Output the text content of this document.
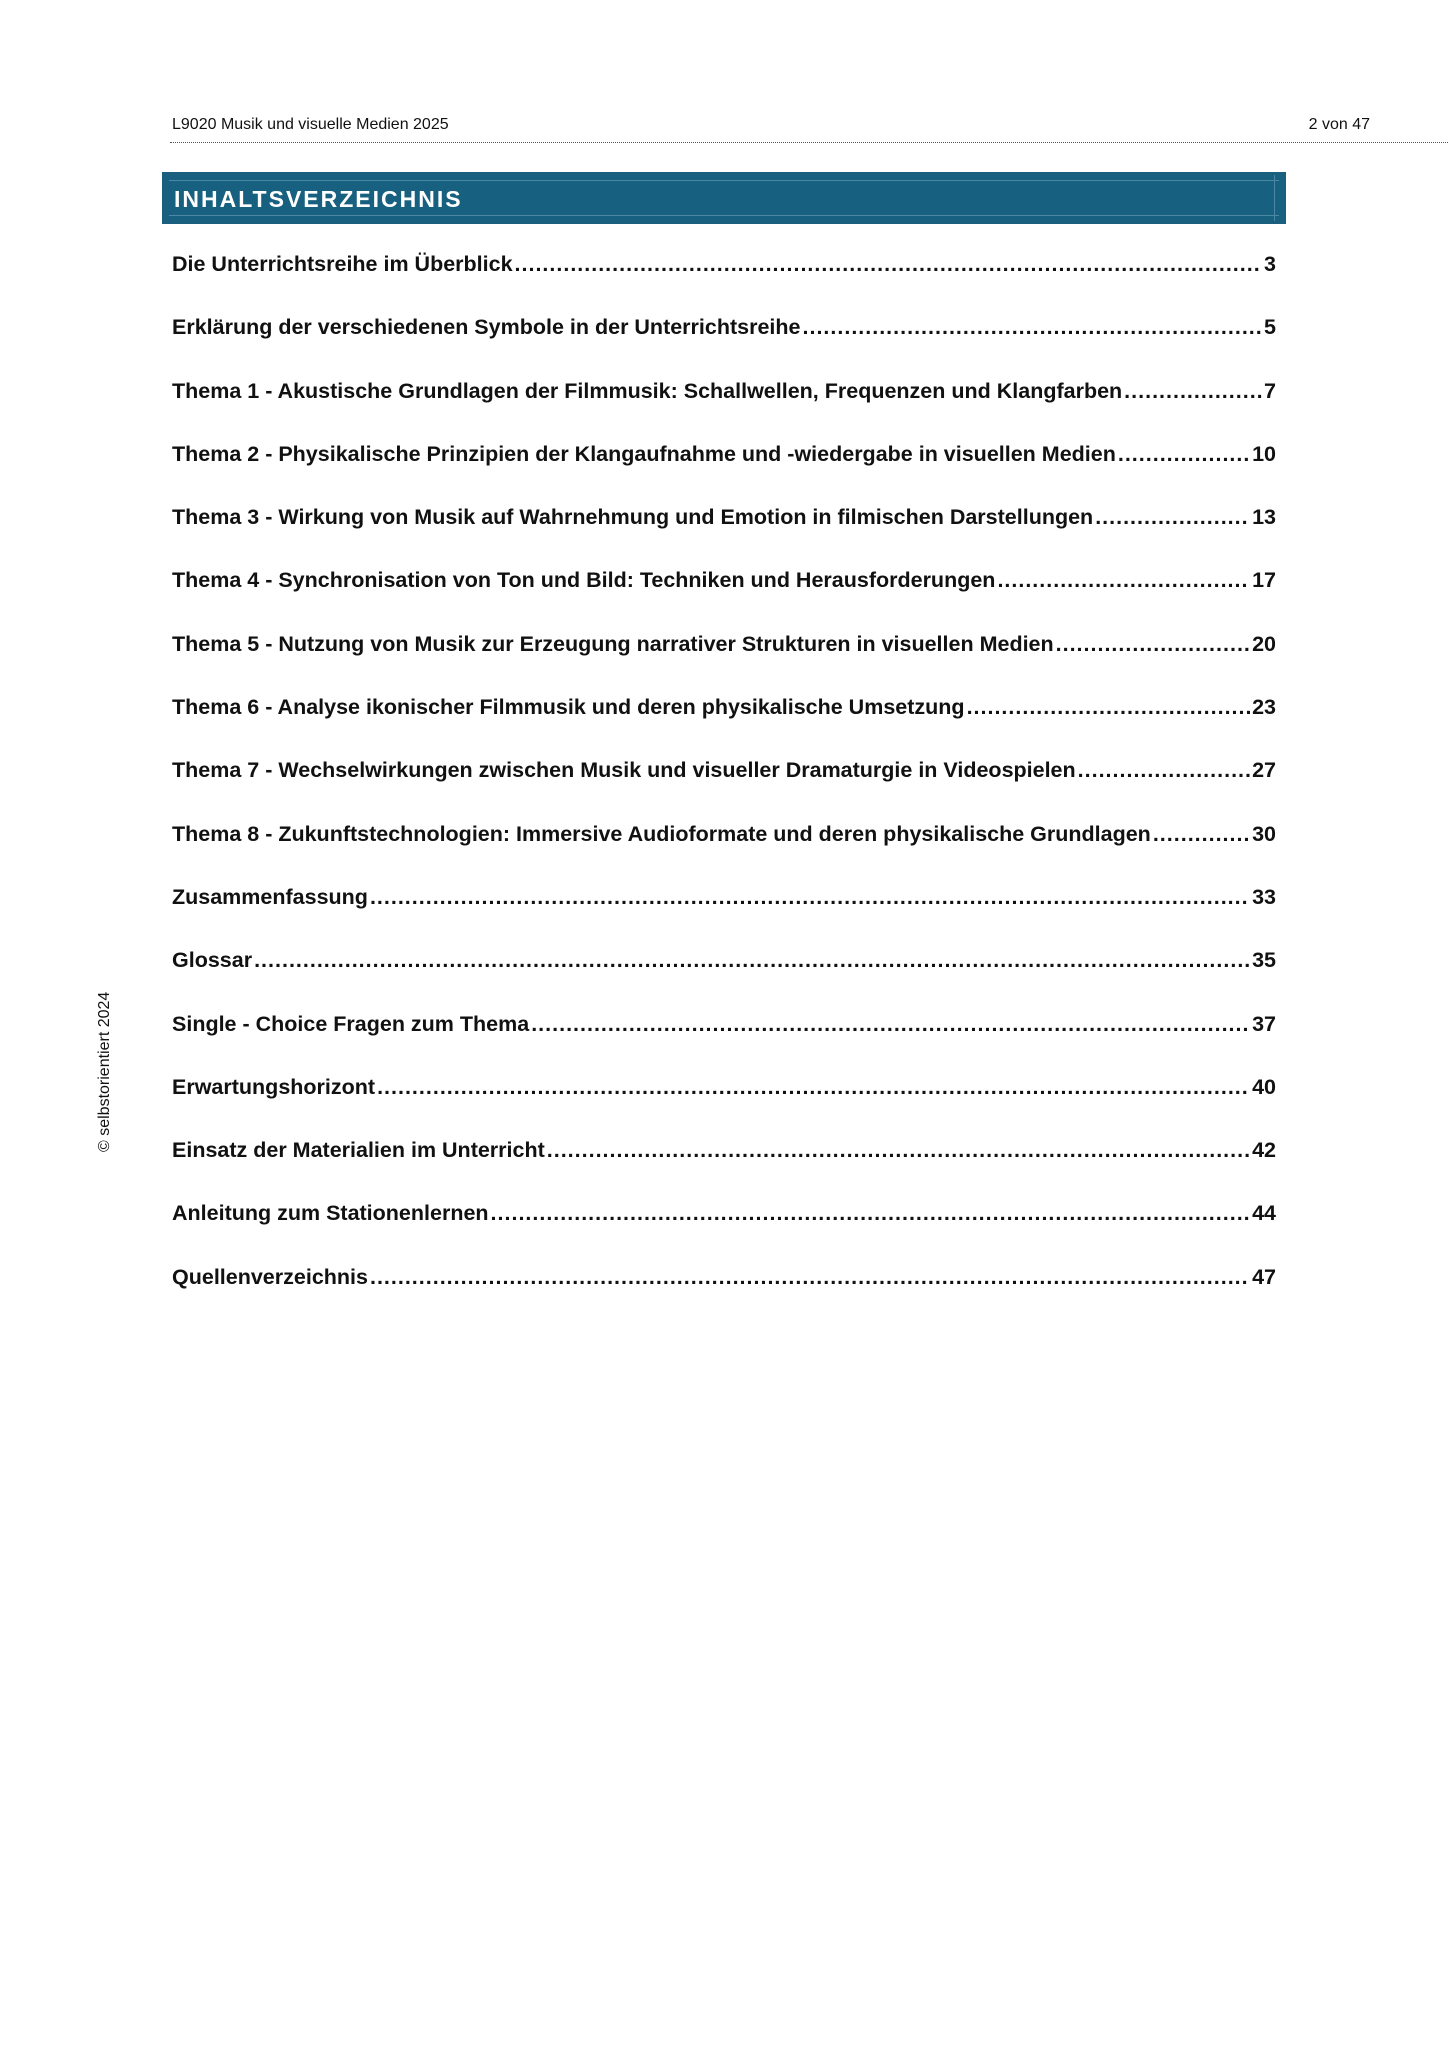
L9020 Musik und visuelle Medien 2025	2 von 47
INHALTSVERZEICHNIS
Die Unterrichtsreihe im Überblick .....	3
Erklärung der verschiedenen Symbole in der Unterrichtsreihe .....	5
Thema 1 - Akustische Grundlagen der Filmmusik: Schallwellen, Frequenzen und Klangfarben .....	7
Thema 2 - Physikalische Prinzipien der Klangaufnahme und -wiedergabe in visuellen Medien .....	10
Thema 3 - Wirkung von Musik auf Wahrnehmung und Emotion in filmischen Darstellungen .....	13
Thema 4 - Synchronisation von Ton und Bild: Techniken und Herausforderungen .....	17
Thema 5 - Nutzung von Musik zur Erzeugung narrativer Strukturen in visuellen Medien .....	20
Thema 6 - Analyse ikonischer Filmmusik und deren physikalische Umsetzung .....	23
Thema 7 - Wechselwirkungen zwischen Musik und visueller Dramaturgie in Videospielen .....	27
Thema 8 - Zukunftstechnologien: Immersive Audioformate und deren physikalische Grundlagen .....	30
Zusammenfassung .....	33
Glossar .....	35
Single - Choice Fragen zum Thema .....	37
Erwartungshorizont .....	40
Einsatz der Materialien im Unterricht .....	42
Anleitung zum Stationenlernen .....	44
Quellenverzeichnis .....	47
© selbstorientiert 2024
